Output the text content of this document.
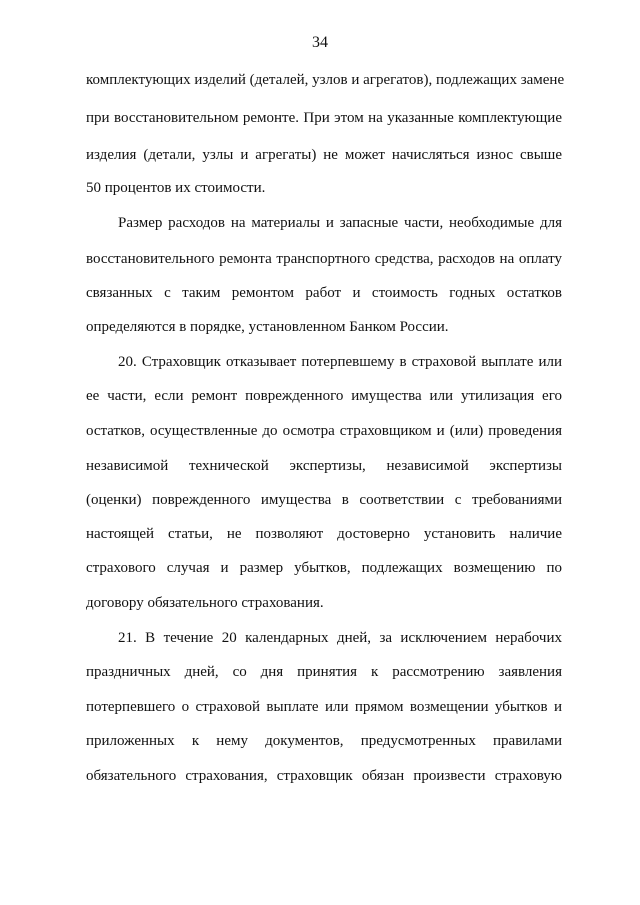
34
комплектующих изделий (деталей, узлов и агрегатов), подлежащих замене
при восстановительном ремонте. При этом на указанные комплектующие
изделия (детали, узлы и агрегаты) не может начисляться износ свыше
50 процентов их стоимости.
Размер расходов на материалы и запасные части, необходимые для
восстановительного ремонта транспортного средства, расходов на оплату
связанных с таким ремонтом работ и стоимость годных остатков
определяются в порядке, установленном Банком России.
20. Страховщик отказывает потерпевшему в страховой выплате или
ее части, если ремонт поврежденного имущества или утилизация его
остатков, осуществленные до осмотра страховщиком и (или) проведения
независимой технической экспертизы, независимой экспертизы
(оценки) поврежденного имущества в соответствии с требованиями
настоящей статьи, не позволяют достоверно установить наличие
страхового случая и размер убытков, подлежащих возмещению по
договору обязательного страхования.
21. В течение 20 календарных дней, за исключением нерабочих
праздничных дней, со дня принятия к рассмотрению заявления
потерпевшего о страховой выплате или прямом возмещении убытков и
приложенных к нему документов, предусмотренных правилами
обязательного страхования, страховщик обязан произвести страховую
